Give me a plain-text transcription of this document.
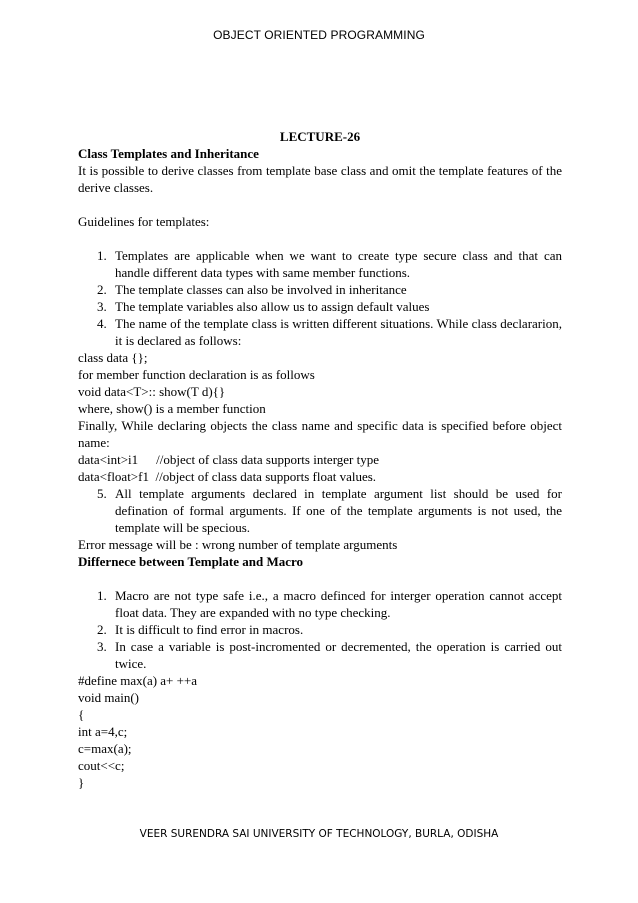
OBJECT ORIENTED PROGRAMMING

LECTURE-26

Class Templates and Inheritance

It is possible to derive classes from template base class and omit the template features of the derive classes.

Guidelines for templates:

1. Templates are applicable when we want to create type secure class and that can handle different data types with same member functions.
2. The template classes can also be involved in inheritance
3. The template variables also allow us to assign default values
4. The name of the template class is written different situations. While class declararion, it is declared as follows:

class data {};

for member function declaration is as follows

void data<T>:: show(T d){}

where, show() is a member function

Finally, While declaring objects the class name and specific data is specified before object name:

data<int>i1 //object of class data supports interger type

data<float>f1 //object of class data supports float values.

5. All template arguments declared in template argument list should be used for defination of formal arguments. If one of the template arguments is not used, the template will be specious.

Error message will be : wrong number of template arguments

Differnece between Template and Macro

1. Macro are not type safe i.e., a macro definced for interger operation cannot accept float data. They are expanded with no type checking.
2. It is difficult to find error in macros.
3. In case a variable is post-incromented or decremented, the operation is carried out twice.

#define max(a) a+ ++a

void main()

{

int a=4,c;

c=max(a);

cout<<c;

}

VEER SURENDRA SAI UNIVERSITY OF TECHNOLOGY, BURLA, ODISHA
